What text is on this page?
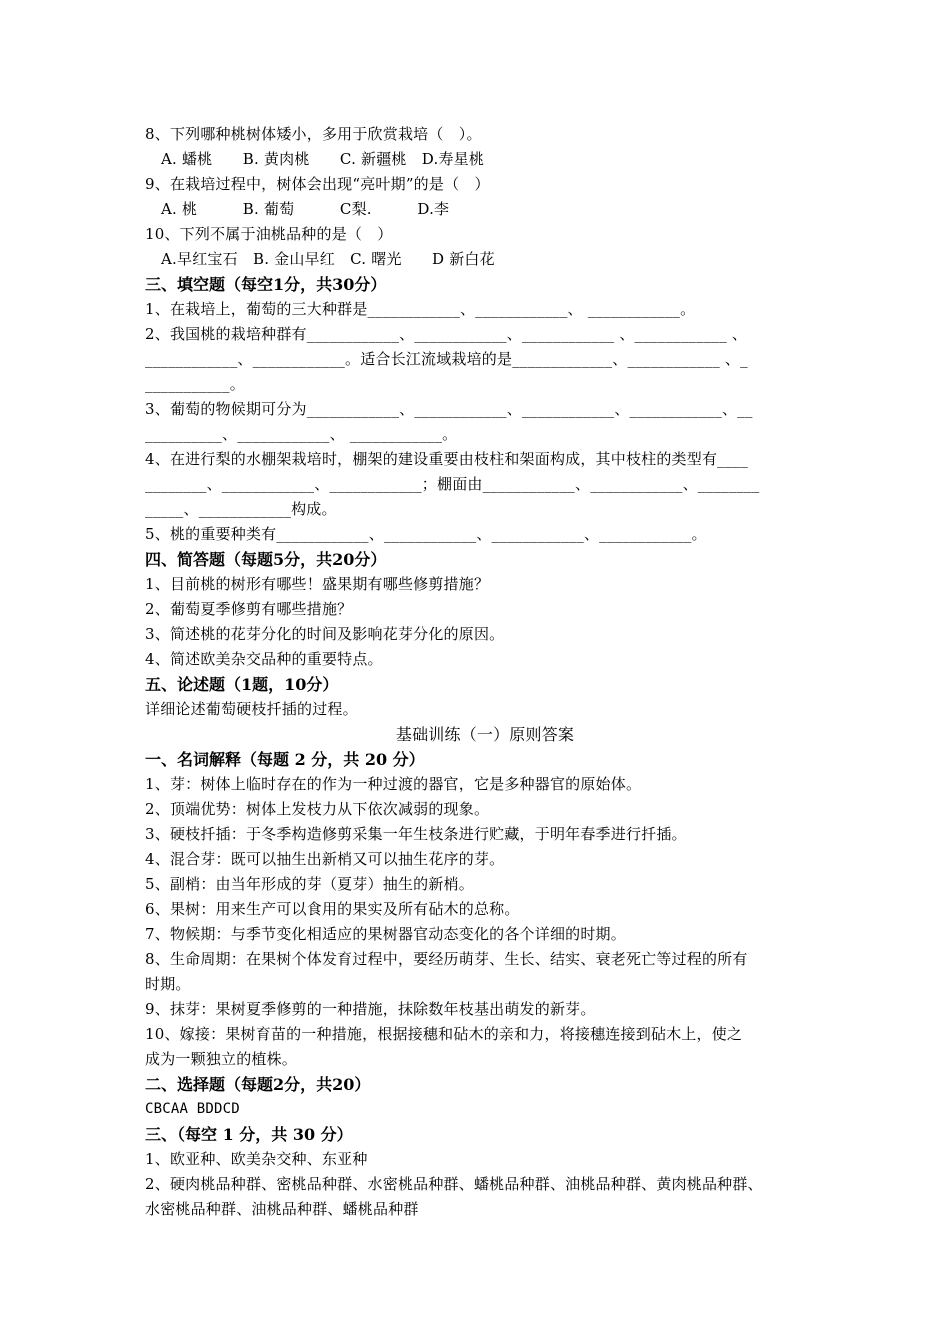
8、下列哪种桃树体矮小，多用于欣赏栽培（　）。
A. 蟠桃　　B. 黄肉桃　　C. 新疆桃　D.寿星桃
9、在栽培过程中，树体会出现“亮叶期”的是（　）
A. 桃　　　B. 葡萄　　　C梨.　　　D.李
10、下列不属于油桃品种的是（　）
A.早红宝石　B. 金山早红　C. 曙光　　D 新白花
三、填空题（每空1分，共30分）
1、在栽培上，葡萄的三大种群是____________、____________、 ____________。
2、我国桃的栽培种群有____________、____________、____________ 、____________ 、
____________、____________。适合长江流域栽培的是_____________、____________ 、_
___________。
3、葡萄的物候期可分为____________、____________、____________、____________、__
__________、____________、 ____________。
4、在进行梨的水棚架栽培时，棚架的建设重要由枝柱和架面构成，其中枝柱的类型有____
________、____________、____________；棚面由____________、____________、________
_____、____________构成。
5、桃的重要种类有____________、____________、____________、____________。
四、简答题（每题5分，共20分）
1、目前桃的树形有哪些！盛果期有哪些修剪措施？
2、葡萄夏季修剪有哪些措施？
3、简述桃的花芽分化的时间及影响花芽分化的原因。
4、简述欧美杂交品种的重要特点。
五、论述题（1题，10分）
详细论述葡萄硬枝扦插的过程。
基础训练（一）原则答案
一、名词解释（每题 2 分，共 20 分）
1、芽：树体上临时存在的作为一种过渡的器官，它是多种器官的原始体。
2、顶端优势：树体上发枝力从下依次减弱的现象。
3、硬枝扦插：于冬季构造修剪采集一年生枝条进行贮藏，于明年春季进行扦插。
4、混合芽：既可以抽生出新梢又可以抽生花序的芽。
5、副梢：由当年形成的芽（夏芽）抽生的新梢。
6、果树：用来生产可以食用的果实及所有砧木的总称。
7、物候期：与季节变化相适应的果树器官动态变化的各个详细的时期。
8、生命周期：在果树个体发育过程中，要经历萌芽、生长、结实、衰老死亡等过程的所有
时期。
9、抹芽：果树夏季修剪的一种措施，抹除数年枝基出萌发的新芽。
10、嫁接：果树育苗的一种措施，根据接穗和砧木的亲和力，将接穗连接到砧木上，使之
成为一颗独立的植株。
二、选择题（每题2分，共20）
CBCAA BDDCD
三、（每空 1 分，共 30 分）
1、欧亚种、欧美杂交种、东亚种
2、硬肉桃品种群、密桃品种群、水密桃品种群、蟠桃品种群、油桃品种群、黄肉桃品种群、
水密桃品种群、油桃品种群、蟠桃品种群
